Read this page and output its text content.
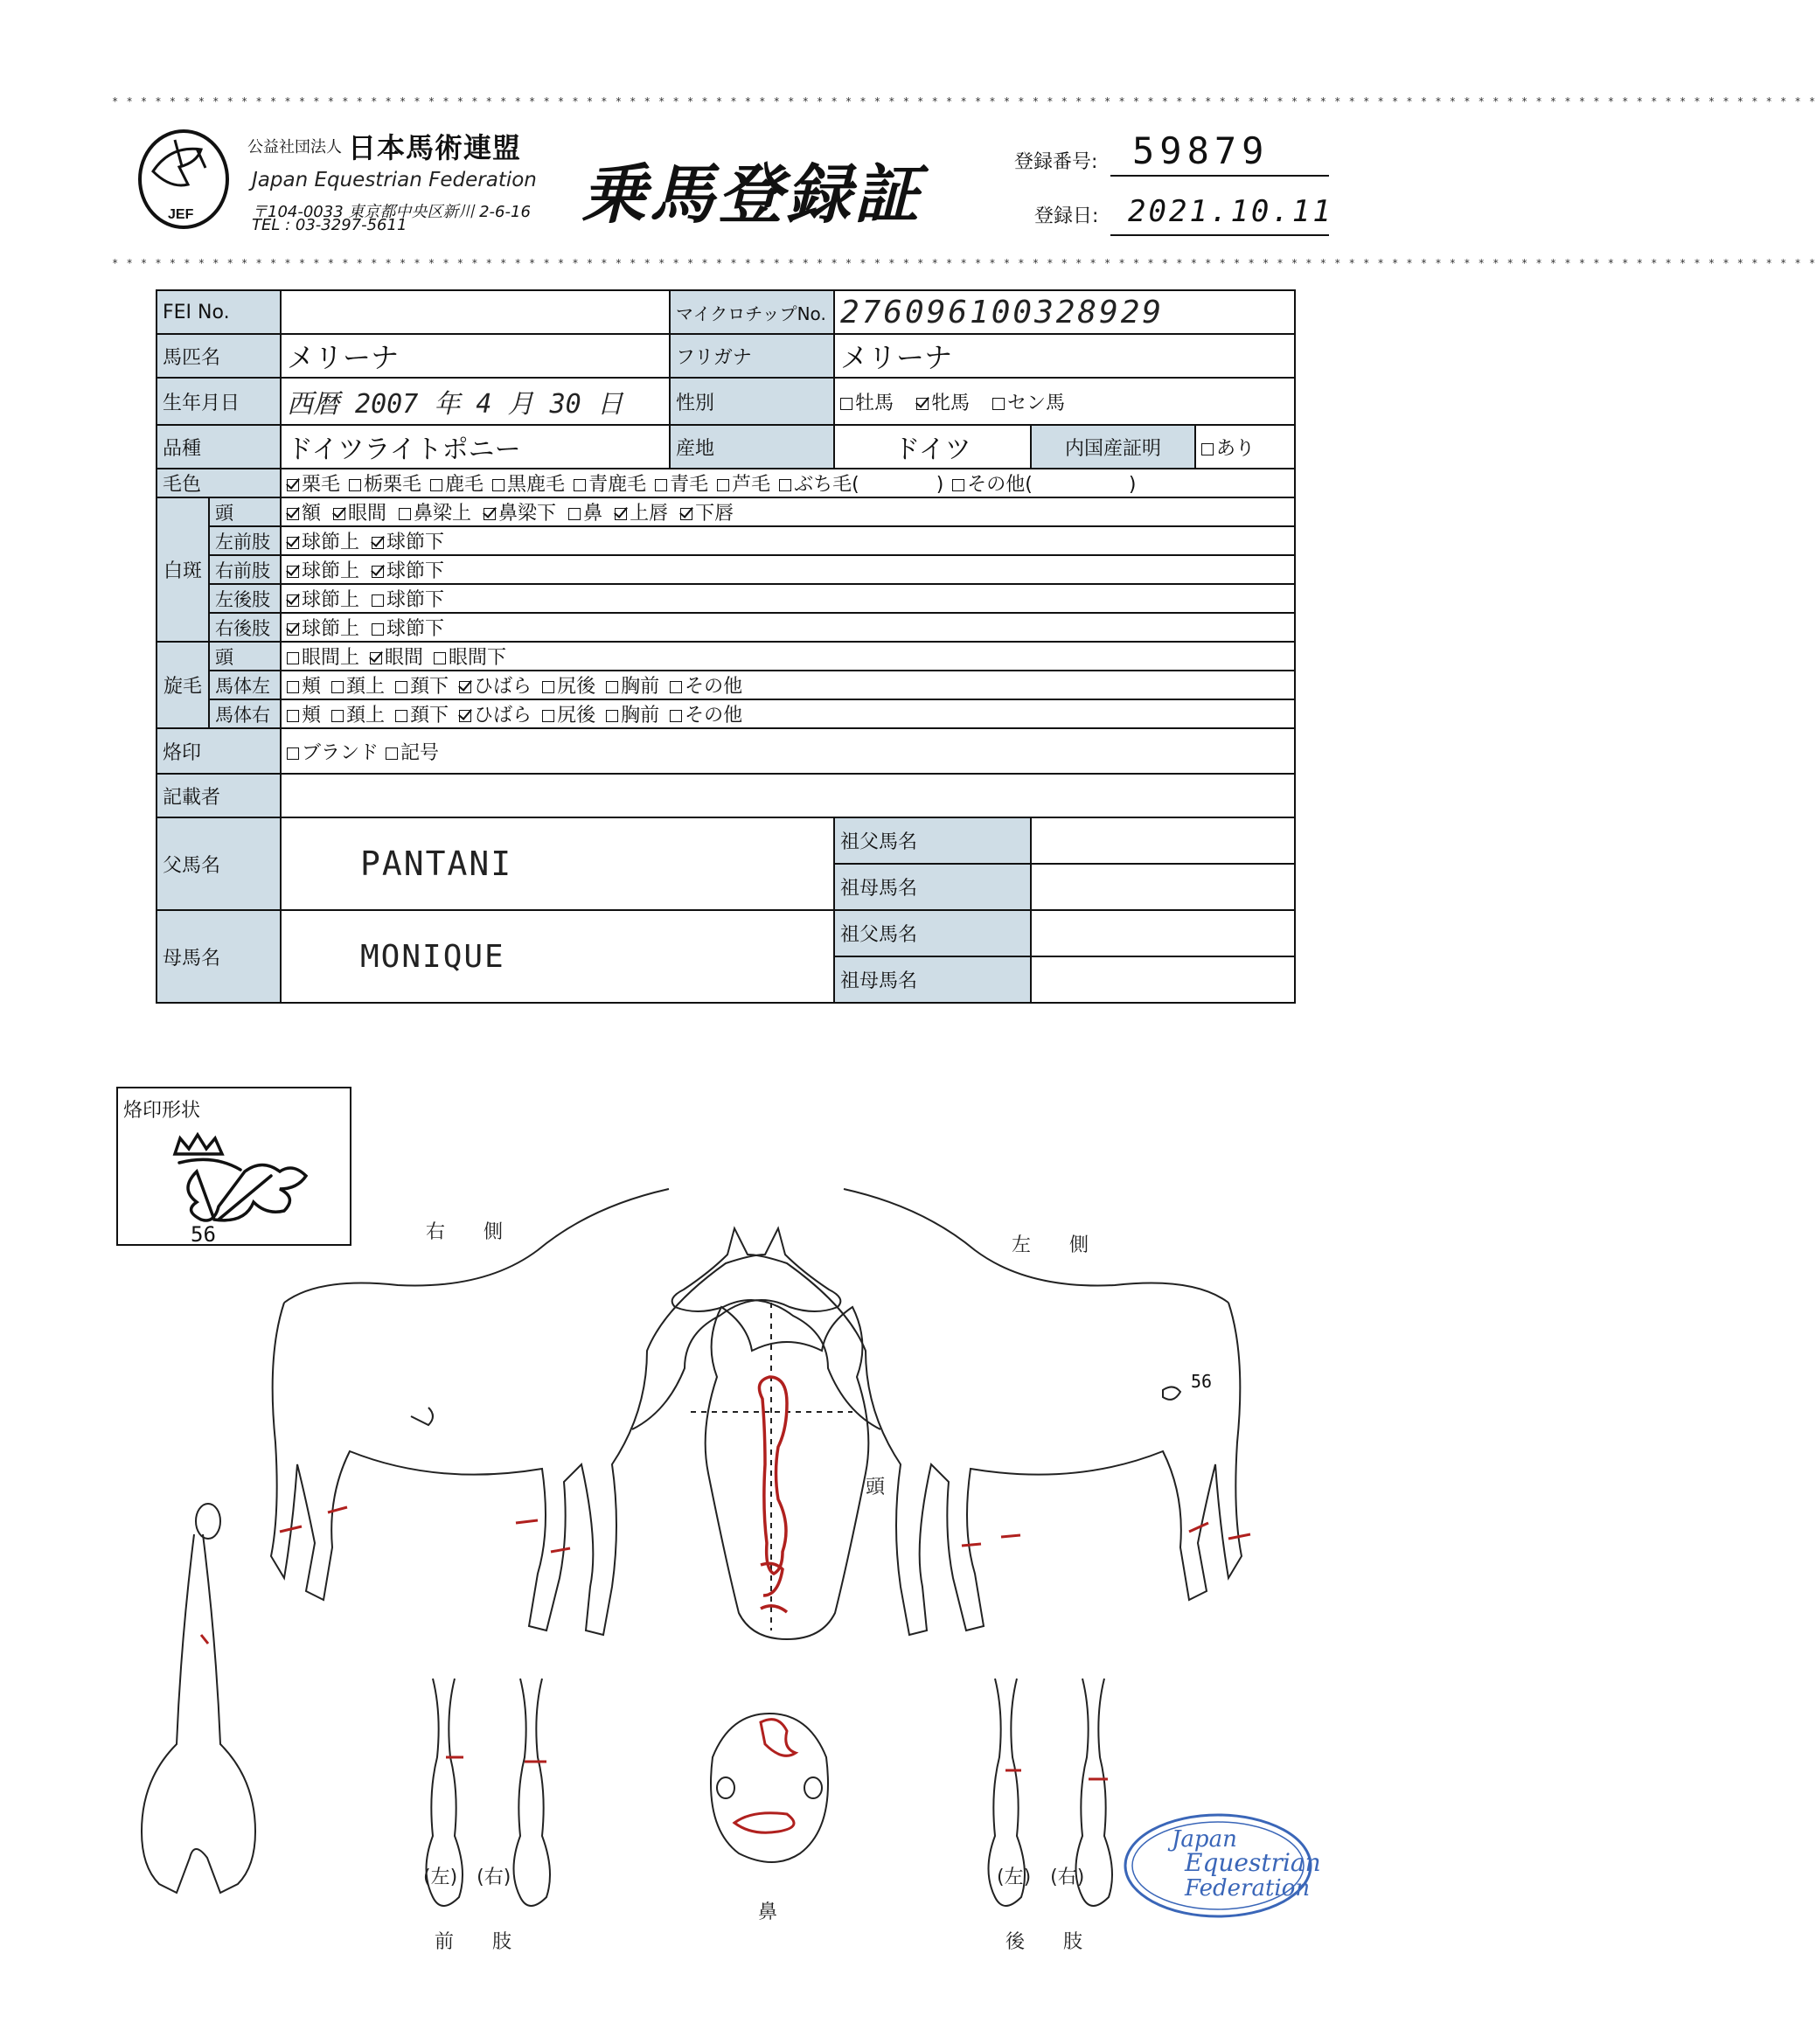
* * * * * * * * * * * * * * * * * * * * * * * * * * * * * * * * * * * * * * * * * * * * * * * * * * * * * * * * * * * * * * * * * * * * * * * * * * * * * * * * * * * * * * * * * * * * * * * * * * * * * * * * * * * * * * * * * * * * * * *
* * * * * * * * * * * * * * * * * * * * * * * * * * * * * * * * * * * * * * * * * * * * * * * * * * * * * * * * * * * * * * * * * * * * * * * * * * * * * * * * * * * * * * * * * * * * * * * * * * * * * * * * * * * * * * * * * * * * * * *
JEF
公益社団法人 日本馬術連盟
Japan Equestrian Federation
〒104-0033 東京都中央区新川 2-6-16
TEL : 03-3297-5611	乗馬登録証	登録番号: 59879
登録日: 2021.10.11
FEI No.			マイクロチップNo.	276096100328929		
馬匹名		メリーナ	フリガナ	メリーナ		
生年月日		西暦 2007 年 4 月 30 日	性別	牡馬 牝馬 セン馬		
品種		ドイツライトポニー	産地	ドイツ	内国産証明	あり
毛色		栗毛 栃栗毛 鹿毛 黒鹿毛 青鹿毛 青毛 芦毛 ぶち毛(　　　　) その他(　　　　　)				
白斑	頭	額 眼間 鼻梁上 鼻梁下 鼻 上唇 下唇				
	左前肢	球節上 球節下				
	右前肢	球節上 球節下				
	左後肢	球節上 球節下				
	右後肢	球節上 球節下				
旋毛	頭	眼間上 眼間 眼間下				
	馬体左	頬 頚上 頚下 ひばら 尻後 胸前 その他				
	馬体右	頬 頚上 頚下 ひばら 尻後 胸前 その他				
烙印		ブランド 記号				
記載者						
父馬名		PANTANI		祖父馬名		
				祖母馬名		
母馬名		MONIQUE		祖父馬名		
				祖母馬名		
烙印形状
56
56
Japan
Equestrian
Federation
右　　側
左　　側
頭
鼻
(左)　(右)
前　　肢
(左)　(右)
後　　肢
